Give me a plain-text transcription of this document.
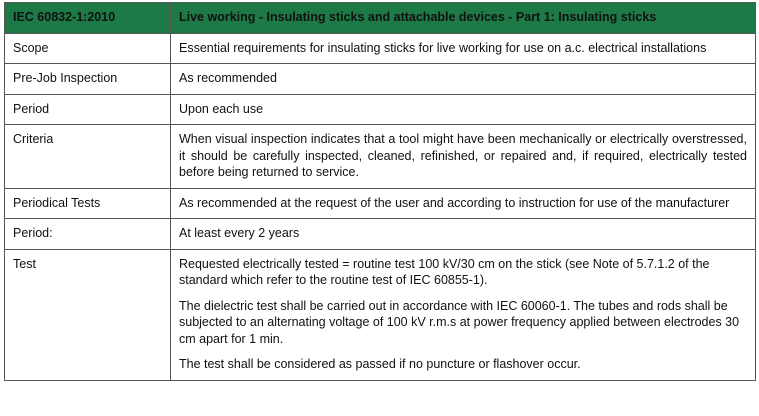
IEC 60832-1:2010	Live working - Insulating sticks and attachable devices - Part 1: Insulating sticks
Scope	Essential requirements for insulating sticks for live working for use on a.c. electrical installations

Pre-Job Inspection	As recommended

Period	Upon each use

Criteria	When visual inspection indicates that a tool might have been mechanically or electrically overstressed, it should be carefully inspected, cleaned, refinished, or repaired and, if required, electrically tested before being returned to service.

Periodical Tests	As recommended at the request of the user and according to instruction for use of the manufacturer

Period:	At least every 2 years

Test	Requested electrically tested = routine test 100 kV/30 cm on the stick (see Note of 5.7.1.2 of the standard which refer to the routine test of IEC 60855-1).

The dielectric test shall be carried out in accordance with IEC 60060-1. The tubes and rods shall be subjected to an alternating voltage of 100 kV r.m.s at power frequency applied between electrodes 30 cm apart for 1 min.

The test shall be considered as passed if no puncture or flashover occur.
